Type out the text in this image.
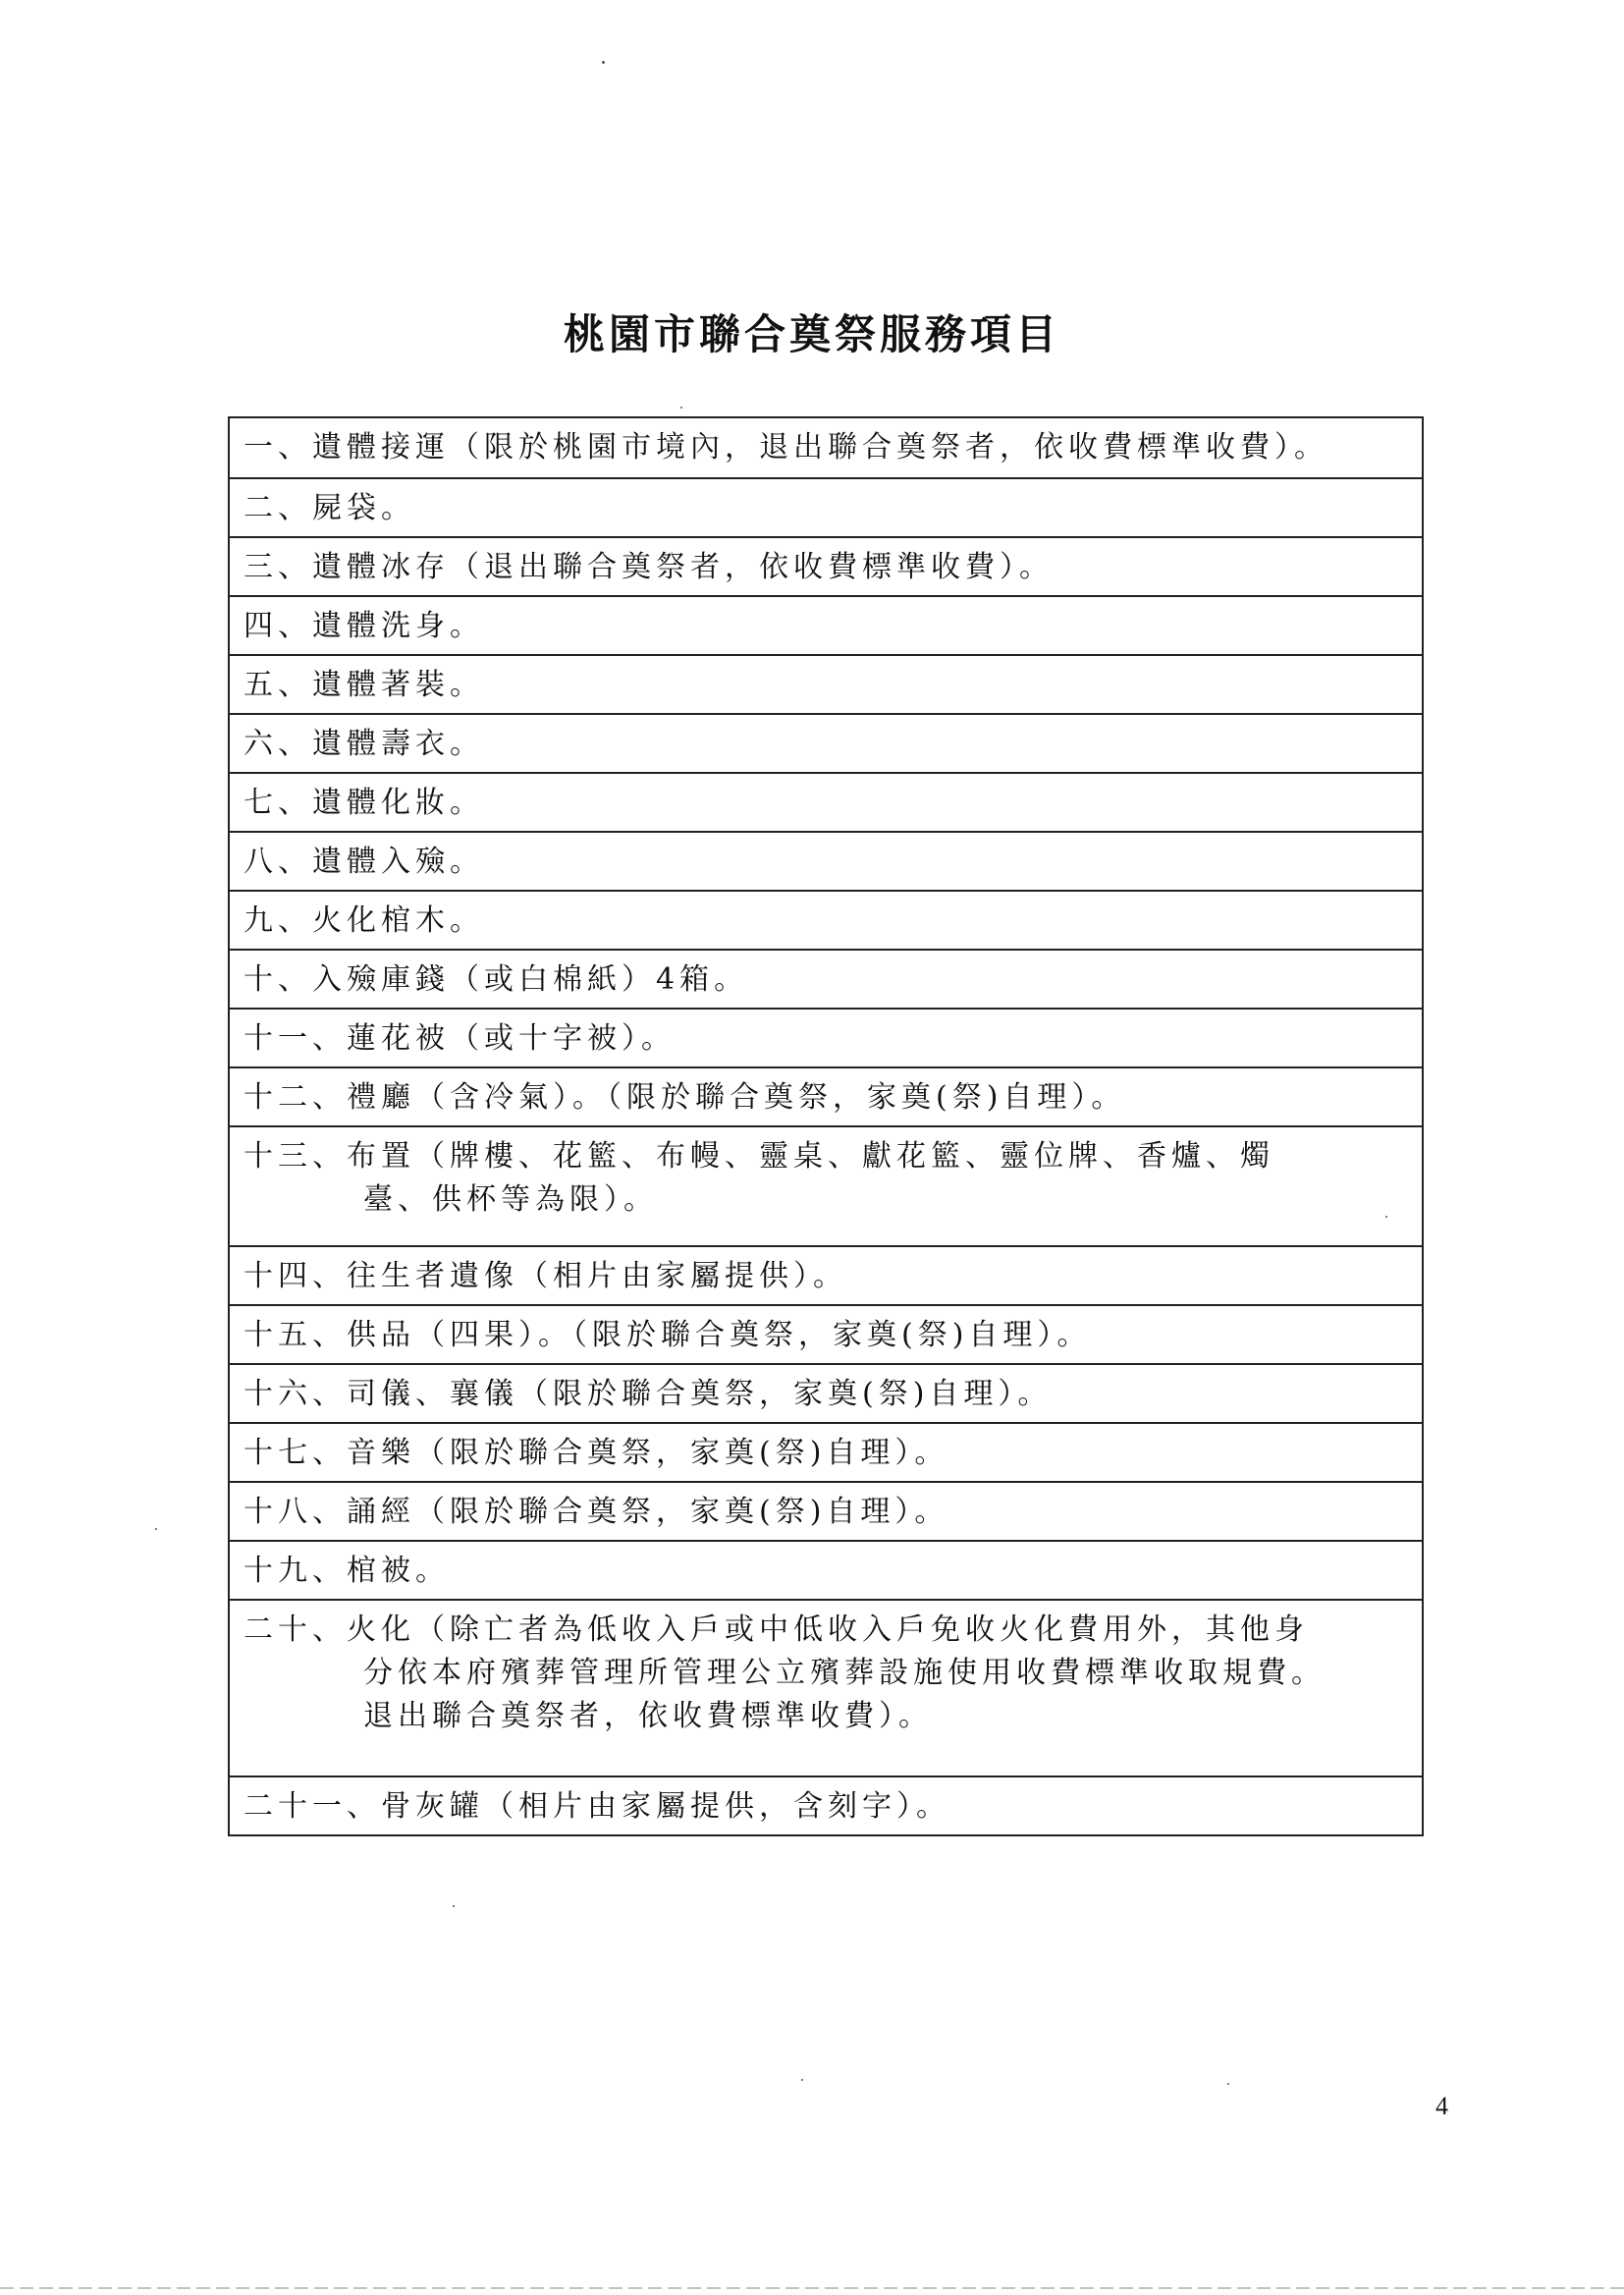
桃園市聯合奠祭服務項目
一、遺體接運（限於桃園市境內，退出聯合奠祭者，依收費標準收費）。
二、屍袋。
三、遺體冰存（退出聯合奠祭者，依收費標準收費）。
四、遺體洗身。
五、遺體著裝。
六、遺體壽衣。
七、遺體化妝。
八、遺體入殮。
九、火化棺木。
十、入殮庫錢（或白棉紙）4箱。
十一、蓮花被（或十字被）。
十二、禮廳（含冷氣）。（限於聯合奠祭，家奠(祭)自理）。
十三、布置（牌樓、花籃、布幔、靈桌、獻花籃、靈位牌、香爐、燭
臺、供杯等為限）。
十四、往生者遺像（相片由家屬提供）。
十五、供品（四果）。（限於聯合奠祭，家奠(祭)自理）。
十六、司儀、襄儀（限於聯合奠祭，家奠(祭)自理）。
十七、音樂（限於聯合奠祭，家奠(祭)自理）。
十八、誦經（限於聯合奠祭，家奠(祭)自理）。
十九、棺被。
二十、火化（除亡者為低收入戶或中低收入戶免收火化費用外，其他身
分依本府殯葬管理所管理公立殯葬設施使用收費標準收取規費。
退出聯合奠祭者，依收費標準收費）。
二十一、骨灰罐（相片由家屬提供，含刻字）。
4
